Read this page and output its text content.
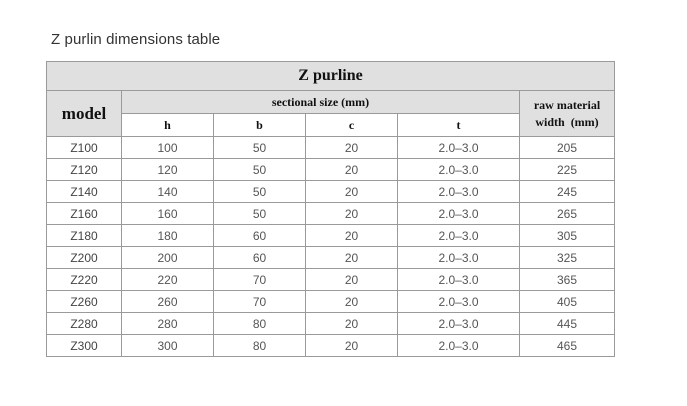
Z purlin dimensions table
Z purline					
model	sectional size (mm)				raw material
width  (mm)

	h	b	c	t	
Z100	100	50	20	2.0–3.0	205
Z120	120	50	20	2.0–3.0	225
Z140	140	50	20	2.0–3.0	245
Z160	160	50	20	2.0–3.0	265
Z180	180	60	20	2.0–3.0	305
Z200	200	60	20	2.0–3.0	325
Z220	220	70	20	2.0–3.0	365
Z260	260	70	20	2.0–3.0	405
Z280	280	80	20	2.0–3.0	445
Z300	300	80	20	2.0–3.0	465
